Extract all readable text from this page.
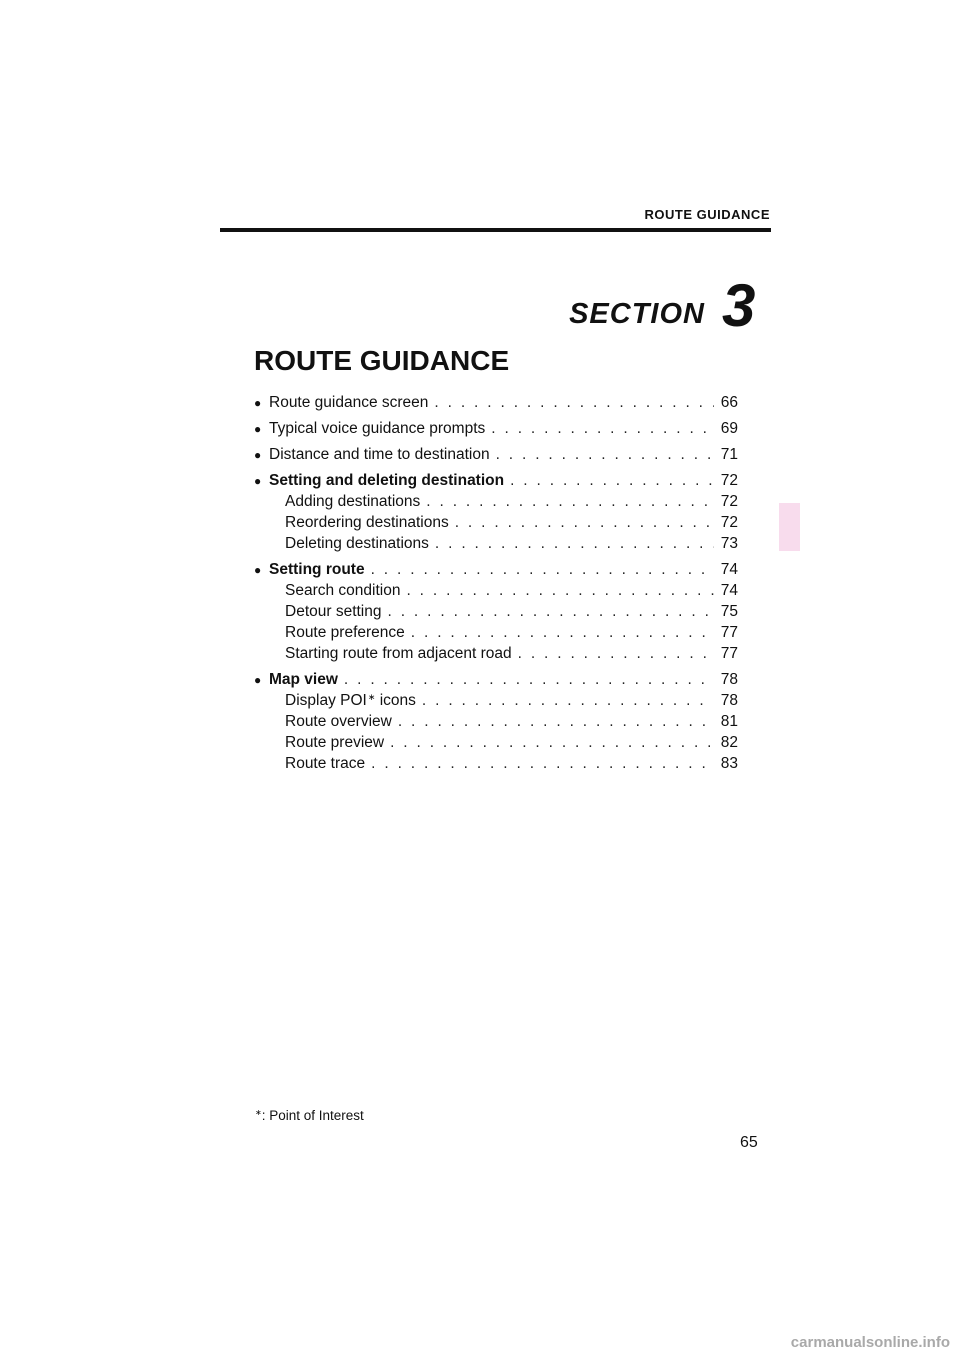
ROUTE GUIDANCE
SECTION 3
ROUTE GUIDANCE
● Route guidance screen . . .	66
● Typical voice guidance prompts . . .	69
● Distance and time to destination . . .	71
● Setting and deleting destination . . .	72
Adding destinations . . .	72
Reordering destinations . . .	72
Deleting destinations . . .	73
● Setting route . . .	74
Search condition . . .	74
Detour setting . . .	75
Route preference . . .	77
Starting route from adjacent road . . .	77
● Map view . . .	78
Display POI∗ icons . . .	78
Route overview . . .	81
Route preview . . .	82
Route trace . . .	83
∗: Point of Interest
65
carmanualsonline.info
